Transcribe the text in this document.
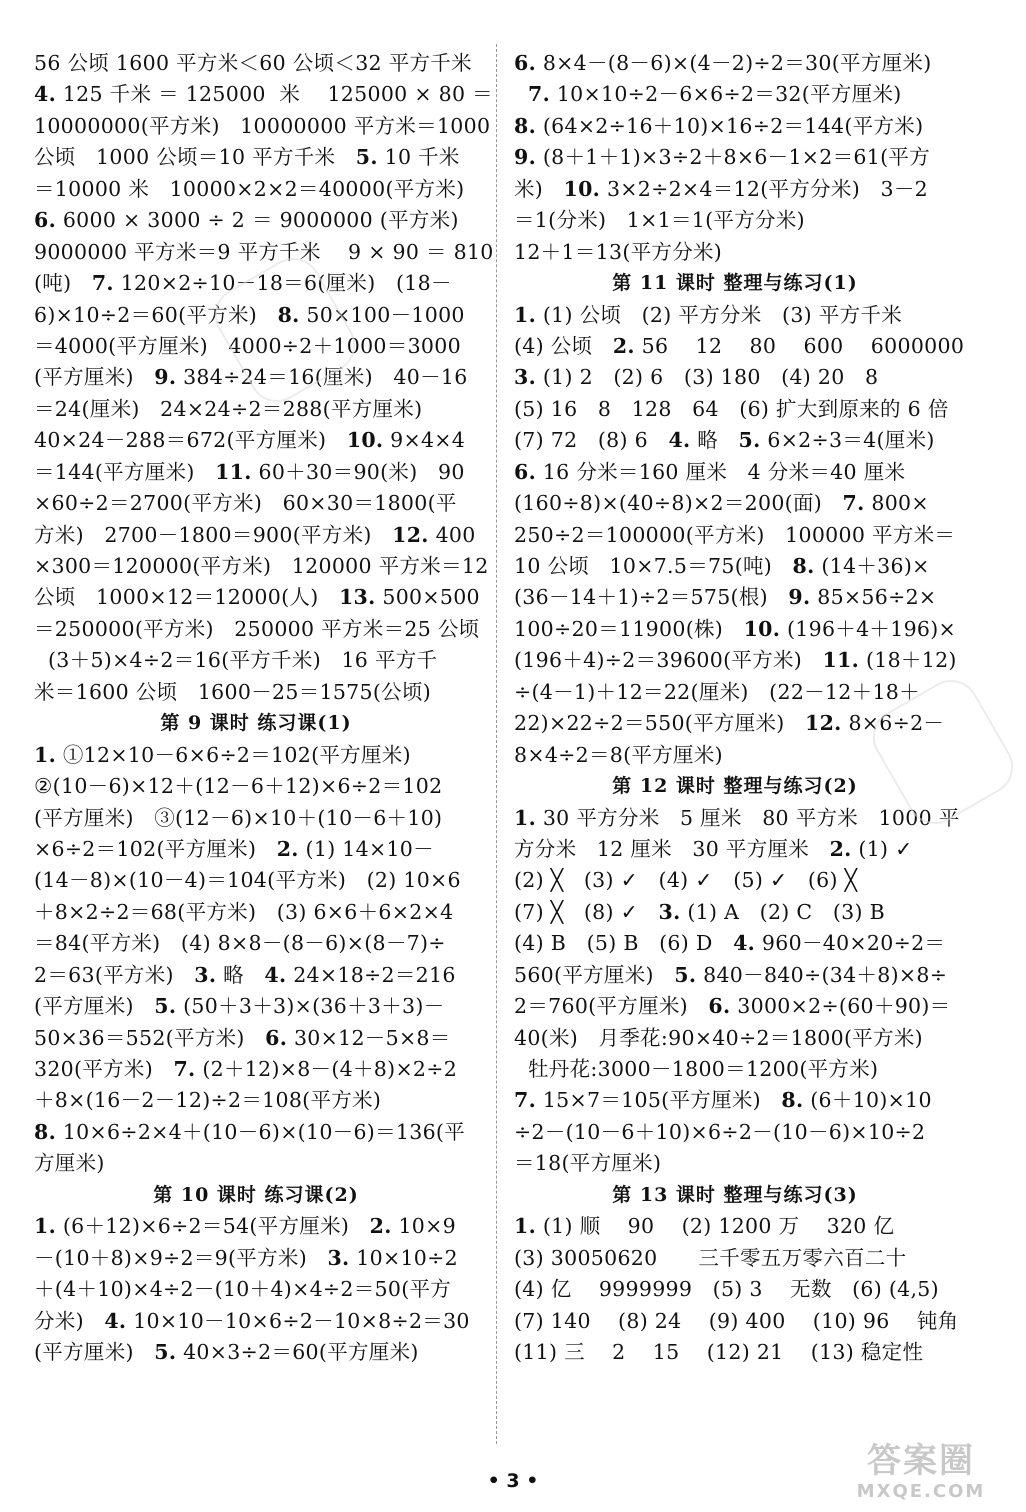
56 公顷 1600 平方米＜60 公顷＜32 平方千米
4. 125 千米 ＝ 125000  米    125000 × 80 ＝
10000000(平方米)   10000000 平方米＝1000
公顷   1000 公顷＝10 平方千米   5. 10 千米
＝10000 米   10000×2×2＝40000(平方米)
6. 6000 × 3000 ÷ 2 ＝ 9000000 (平方米)
9000000 平方米＝9 平方千米    9 × 90 ＝ 810
(吨)   7. 120×2÷10－18＝6(厘米)   (18－
6)×10÷2＝60(平方米)   8. 50×100－1000
＝4000(平方厘米)   4000÷2＋1000＝3000
(平方厘米)   9. 384÷24＝16(厘米)   40－16
＝24(厘米)   24×24÷2＝288(平方厘米)
40×24－288＝672(平方厘米)   10. 9×4×4
＝144(平方厘米)   11. 60＋30＝90(米)   90
×60÷2＝2700(平方米)   60×30＝1800(平
方米)   2700－1800＝900(平方米)   12. 400
×300＝120000(平方米)   120000 平方米＝12
公顷   1000×12＝12000(人)   13. 500×500
＝250000(平方米)   250000 平方米＝25 公顷
(3＋5)×4÷2＝16(平方千米)   16 平方千
米＝1600 公顷   1600－25＝1575(公顷)
第 9 课时 练习课(1)
1. ①12×10－6×6÷2＝102(平方厘米)
②(10－6)×12＋(12－6＋12)×6÷2＝102
(平方厘米)   ③(12－6)×10＋(10－6＋10)
×6÷2＝102(平方厘米)   2. (1) 14×10－
(14－8)×(10－4)＝104(平方米)   (2) 10×6
＋8×2÷2＝68(平方米)   (3) 6×6＋6×2×4
＝84(平方米)   (4) 8×8－(8－6)×(8－7)÷
2＝63(平方米)   3. 略   4. 24×18÷2＝216
(平方厘米)   5. (50＋3＋3)×(36＋3＋3)－
50×36＝552(平方米)   6. 30×12－5×8＝
320(平方米)   7. (2＋12)×8－(4＋8)×2÷2
＋8×(16－2－12)÷2＝108(平方米)
8. 10×6÷2×4＋(10－6)×(10－6)＝136(平
方厘米)
第 10 课时 练习课(2)
1. (6＋12)×6÷2＝54(平方厘米)   2. 10×9
－(10＋8)×9÷2＝9(平方米)   3. 10×10÷2
＋(4＋10)×4÷2－(10＋4)×4÷2＝50(平方
分米)   4. 10×10－10×6÷2－10×8÷2＝30
(平方厘米)   5. 40×3÷2＝60(平方厘米)
6. 8×4－(8－6)×(4－2)÷2＝30(平方厘米)
7. 10×10÷2－6×6÷2＝32(平方厘米)
8. (64×2÷16＋10)×16÷2＝144(平方米)
9. (8＋1＋1)×3÷2＋8×6－1×2＝61(平方
米)   10. 3×2÷2×4＝12(平方分米)   3－2
＝1(分米)   1×1＝1(平方分米)
12＋1＝13(平方分米)
第 11 课时 整理与练习(1)
1. (1) 公顷   (2) 平方分米   (3) 平方千米
(4) 公顷   2. 56    12    80    600    6000000
3. (1) 2   (2) 6   (3) 180   (4) 20   8
(5) 16   8   128   64   (6) 扩大到原来的 6 倍
(7) 72   (8) 6   4. 略   5. 6×2÷3＝4(厘米)
6. 16 分米＝160 厘米   4 分米＝40 厘米
(160÷8)×(40÷8)×2＝200(面)   7. 800×
250÷2＝100000(平方米)   100000 平方米＝
10 公顷   10×7.5＝75(吨)   8. (14＋36)×
(36－14＋1)÷2＝575(根)   9. 85×56÷2×
100÷20＝11900(株)   10. (196＋4＋196)×
(196＋4)÷2＝39600(平方米)   11. (18＋12)
÷(4－1)＋12＝22(厘米)   (22－12＋18＋
22)×22÷2＝550(平方厘米)   12. 8×6÷2－
8×4÷2＝8(平方厘米)
第 12 课时 整理与练习(2)
1. 30 平方分米   5 厘米   80 平方米   1000 平
方分米   12 厘米   30 平方厘米   2. (1) ✓
(2) ╳   (3) ✓   (4) ✓   (5) ✓   (6) ╳
(7) ╳   (8) ✓   3. (1) A   (2) C   (3) B
(4) B   (5) B   (6) D   4. 960－40×20÷2＝
560(平方厘米)   5. 840－840÷(34＋8)×8÷
2＝760(平方厘米)   6. 3000×2÷(60＋90)＝
40(米)   月季花:90×40÷2＝1800(平方米)
牡丹花:3000－1800＝1200(平方米)
7. 15×7＝105(平方厘米)   8. (6＋10)×10
÷2－(10－6＋10)×6÷2－(10－6)×10÷2
＝18(平方厘米)
第 13 课时 整理与练习(3)
1. (1) 顺    90    (2) 1200 万    320 亿
(3) 30050620      三千零五万零六百二十
(4) 亿    9999999   (5) 3    无数   (6) (4,5)
(7) 140    (8) 24    (9) 400    (10) 96    钝角
(11) 三    2    15    (12) 21    (13) 稳定性
• 3 •	答案圈
MXQE.COM
